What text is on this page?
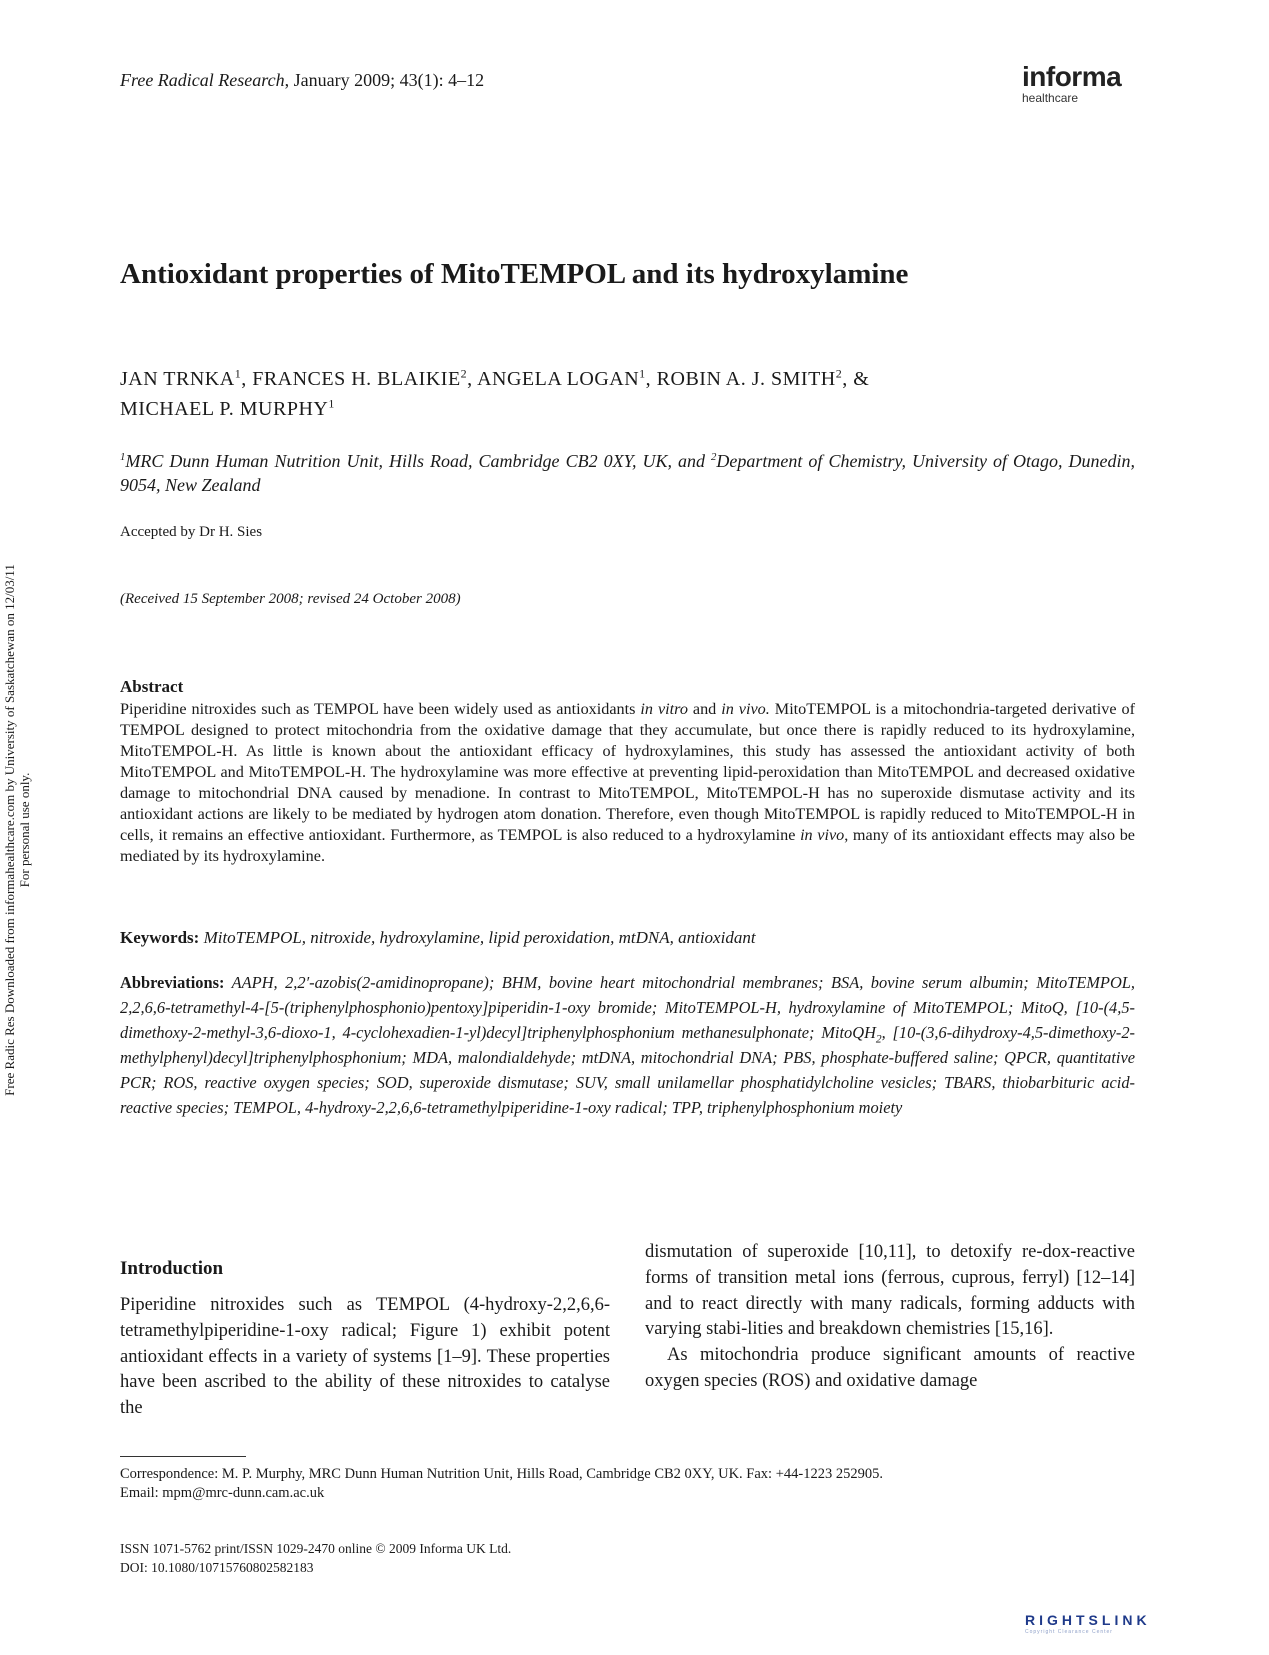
Free Radical Research, January 2009; 43(1): 4–12	informa
healthcare
Antioxidant properties of MitoTEMPOL and its hydroxylamine
JAN TRNKA$^1$, FRANCES H. BLAIKIE$^2$, ANGELA LOGAN$^1$, ROBIN A. J. SMITH$^2$, &
MICHAEL P. MURPHY$^1$
$^1$MRC Dunn Human Nutrition Unit, Hills Road, Cambridge CB2 0XY, UK, and $^2$Department of Chemistry, University of Otago, Dunedin, 9054, New Zealand
Accepted by Dr H. Sies
(Received 15 September 2008; revised 24 October 2008)
Free Radic Res Downloaded from informahealthcare.com by University of Saskatchewan on 12/03/11 For personal use only.
Abstract
Piperidine nitroxides such as TEMPOL have been widely used as antioxidants in vitro and in vivo. MitoTEMPOL is a mitochondria-targeted derivative of TEMPOL designed to protect mitochondria from the oxidative damage that they accumulate, but once there is rapidly reduced to its hydroxylamine, MitoTEMPOL-H. As little is known about the antioxidant efficacy of hydroxylamines, this study has assessed the antioxidant activity of both MitoTEMPOL and MitoTEMPOL-H. The hydroxylamine was more effective at preventing lipid-peroxidation than MitoTEMPOL and decreased oxidative damage to mitochondrial DNA caused by menadione. In contrast to MitoTEMPOL, MitoTEMPOL-H has no superoxide dismutase activity and its antioxidant actions are likely to be mediated by hydrogen atom donation. Therefore, even though MitoTEMPOL is rapidly reduced to MitoTEMPOL-H in cells, it remains an effective antioxidant. Furthermore, as TEMPOL is also reduced to a hydroxylamine in vivo, many of its antioxidant effects may also be mediated by its hydroxylamine.
Keywords: MitoTEMPOL, nitroxide, hydroxylamine, lipid peroxidation, mtDNA, antioxidant
Abbreviations: AAPH, 2,2′-azobis(2-amidinopropane); BHM, bovine heart mitochondrial membranes; BSA, bovine serum albumin; MitoTEMPOL, 2,2,6,6-tetramethyl-4-[5-(triphenylphosphonio)pentoxy]piperidin-1-oxy bromide; MitoTEMPOL-H, hydroxylamine of MitoTEMPOL; MitoQ, [10-(4,5-dimethoxy-2-methyl-3,6-dioxo-1, 4-cyclohexadien-1-yl)decyl]triphenylphosphonium methanesulphonate; MitoQH$_2$, [10-(3,6-dihydroxy-4,5-dimethoxy-2-methylphenyl)decyl]triphenylphosphonium; MDA, malondialdehyde; mtDNA, mitochondrial DNA; PBS, phosphate-buffered saline; QPCR, quantitative PCR; ROS, reactive oxygen species; SOD, superoxide dismutase; SUV, small unilamellar phosphatidylcholine vesicles; TBARS, thiobarbituric acid-reactive species; TEMPOL, 4-hydroxy-2,2,6,6-tetramethylpiperidine-1-oxy radical; TPP, triphenylphosphonium moiety
Introduction

Piperidine nitroxides such as TEMPOL (4-hydroxy-2,2,6,6-tetramethylpiperidine-1-oxy radical; Figure 1) exhibit potent antioxidant effects in a variety of systems [1–9]. These properties have been ascribed to the ability of these nitroxides to catalyse the

dismutation of superoxide [10,11], to detoxify re-dox-reactive forms of transition metal ions (ferrous, cuprous, ferryl) [12–14] and to react directly with many radicals, forming adducts with varying stabi-lities and breakdown chemistries [15,16].

As mitochondria produce significant amounts of reactive oxygen species (ROS) and oxidative damage

Correspondence: M. P. Murphy, MRC Dunn Human Nutrition Unit, Hills Road, Cambridge CB2 0XY, UK. Fax: +44-1223 252905.
Email: mpm@mrc-dunn.cam.ac.uk
ISSN 1071-5762 print/ISSN 1029-2470 online © 2009 Informa UK Ltd.
DOI: 10.1080/10715760802582183
RIGHTSLINK
Copyright Clearance Center
